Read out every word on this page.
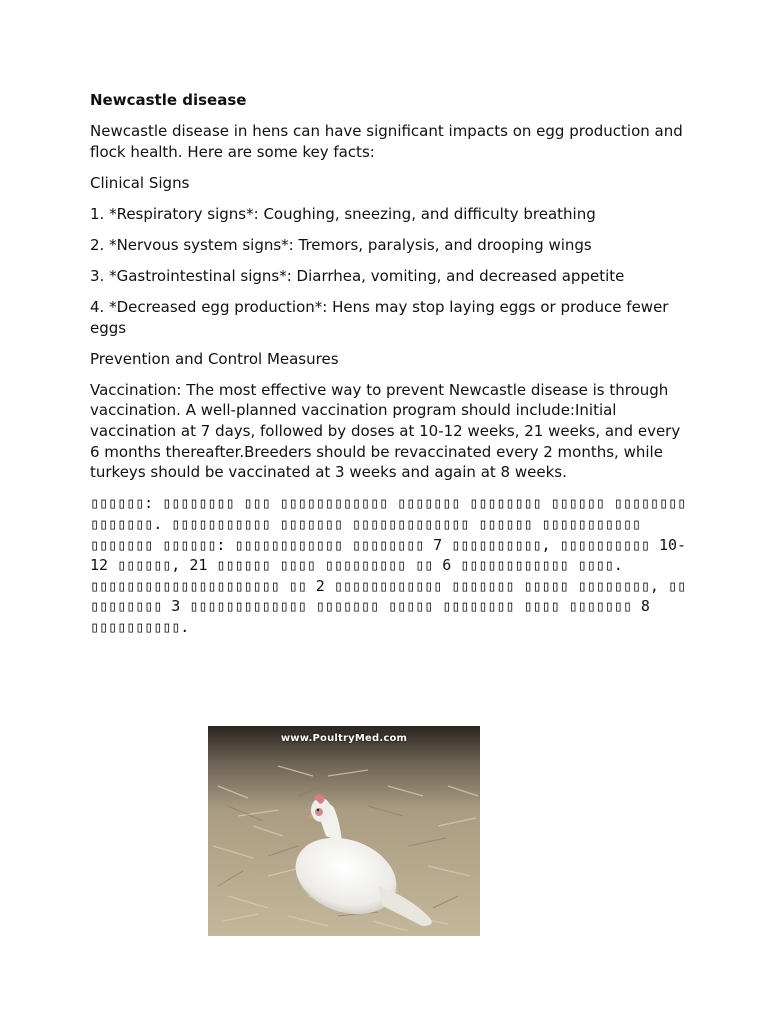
Newcastle disease

Newcastle disease in hens can have significant impacts on egg production and flock health. Here are some key facts:

Clinical Signs

1. *Respiratory signs*: Coughing, sneezing, and difficulty breathing

2. *Nervous system signs*: Tremors, paralysis, and drooping wings

3. *Gastrointestinal signs*: Diarrhea, vomiting, and decreased appetite

4. *Decreased egg production*: Hens may stop laying eggs or produce fewer eggs

Prevention and Control Measures

Vaccination: The most effective way to prevent Newcastle disease is through vaccination. A well-planned vaccination program should include:Initial vaccination at 7 days, followed by doses at 10-12 weeks, 21 weeks, and every 6 months thereafter.Breeders should be revaccinated every 2 months, while turkeys should be vaccinated at 3 weeks and again at 8 weeks.

▯▯▯▯▯▯: ▯▯▯▯▯▯▯▯ ▯▯▯ ▯▯▯▯▯▯▯▯▯▯▯▯ ▯▯▯▯▯▯▯ ▯▯▯▯▯▯▯▯ ▯▯▯▯▯▯ ▯▯▯▯▯▯▯▯ ▯▯▯▯▯▯▯. ▯▯▯▯▯▯▯▯▯▯▯ ▯▯▯▯▯▯▯ ▯▯▯▯▯▯▯▯▯▯▯▯▯ ▯▯▯▯▯▯ ▯▯▯▯▯▯▯▯▯▯▯ ▯▯▯▯▯▯▯ ▯▯▯▯▯▯: ▯▯▯▯▯▯▯▯▯▯▯▯ ▯▯▯▯▯▯▯▯ 7 ▯▯▯▯▯▯▯▯▯▯, ▯▯▯▯▯▯▯▯▯▯ 10-12 ▯▯▯▯▯▯, 21 ▯▯▯▯▯▯ ▯▯▯▯ ▯▯▯▯▯▯▯▯▯ ▯▯ 6 ▯▯▯▯▯▯▯▯▯▯▯▯ ▯▯▯▯. ▯▯▯▯▯▯▯▯▯▯▯▯▯▯▯▯▯▯▯▯▯ ▯▯ 2 ▯▯▯▯▯▯▯▯▯▯▯▯ ▯▯▯▯▯▯▯ ▯▯▯▯▯ ▯▯▯▯▯▯▯▯, ▯▯ ▯▯▯▯▯▯▯▯ 3 ▯▯▯▯▯▯▯▯▯▯▯▯▯ ▯▯▯▯▯▯▯ ▯▯▯▯▯ ▯▯▯▯▯▯▯▯ ▯▯▯▯ ▯▯▯▯▯▯▯ 8 ▯▯▯▯▯▯▯▯▯▯.

www.PoultryMed.com
